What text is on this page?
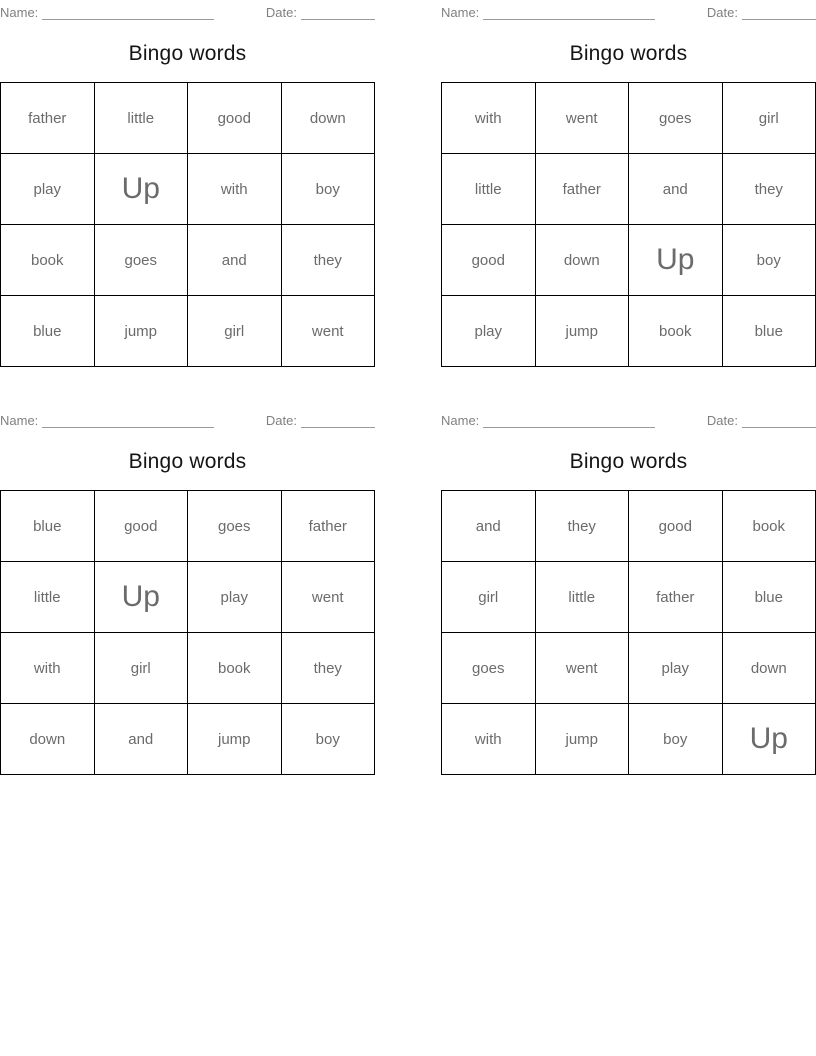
Name:	Date:
Bingo words
father	little	good	down
play	Up	with	boy
book	goes	and	they
blue	jump	girl	went
Name:	Date:
Bingo words
with	went	goes	girl
little	father	and	they
good	down	Up	boy
play	jump	book	blue
Name:	Date:
Bingo words
blue	good	goes	father
little	Up	play	went
with	girl	book	they
down	and	jump	boy
Name:	Date:
Bingo words
and	they	good	book
girl	little	father	blue
goes	went	play	down
with	jump	boy	Up
